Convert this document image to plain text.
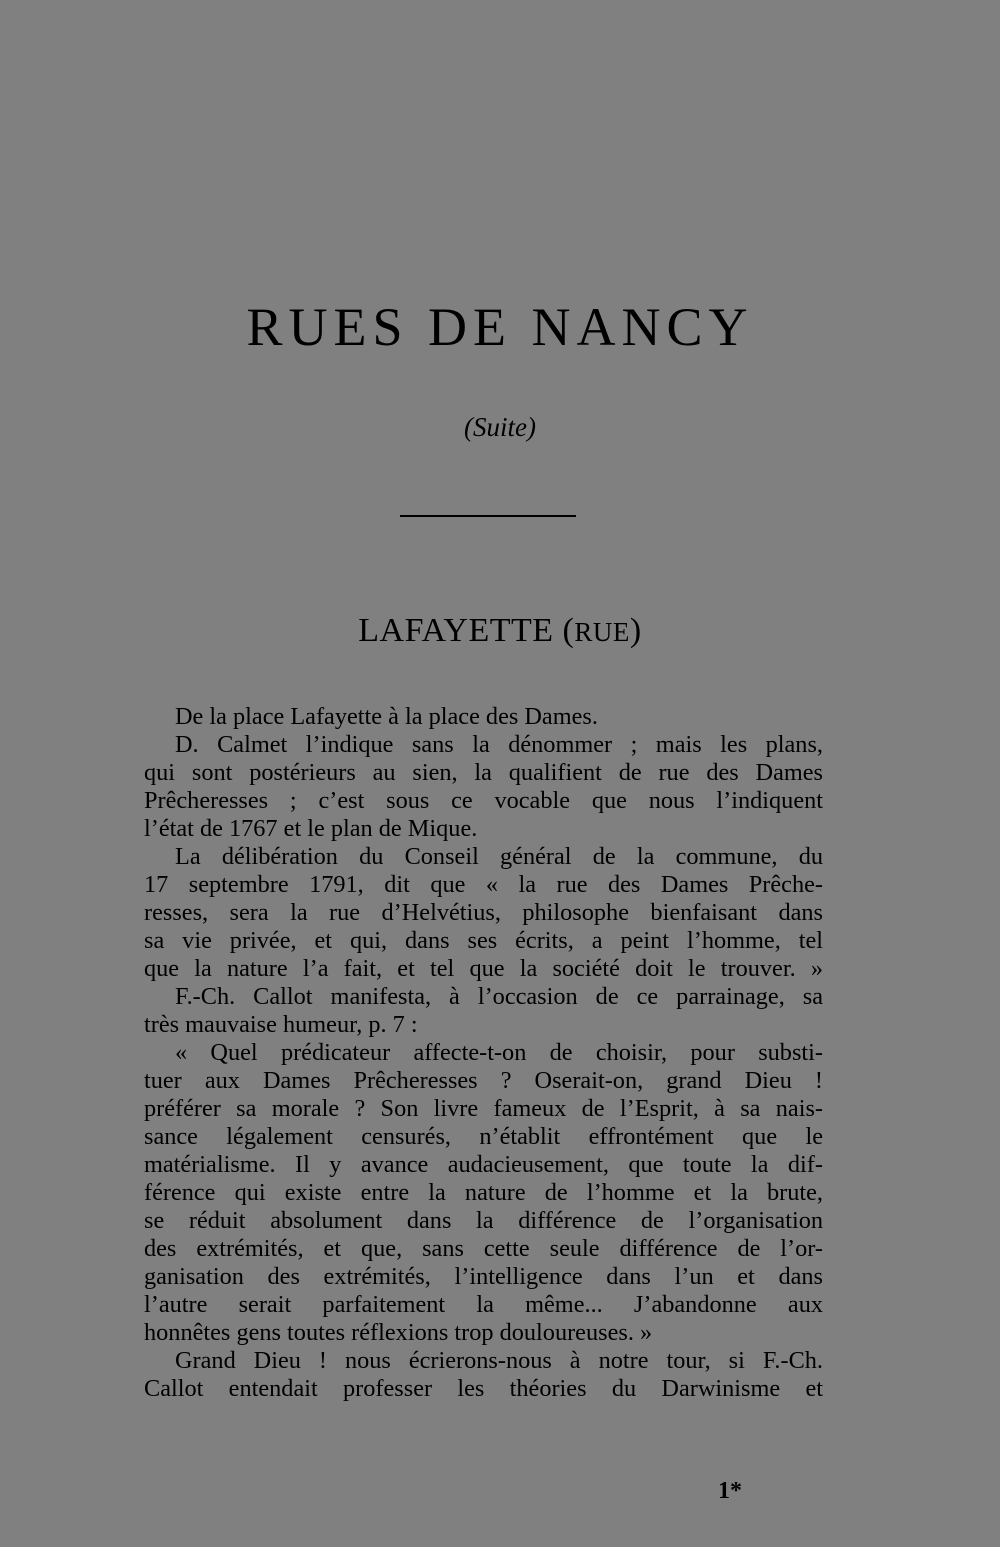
RUES DE NANCY
(Suite)
LAFAYETTE (RUE)
De la place Lafayette à la place des Dames.
D. Calmet l’indique sans la dénommer ; mais les plans,
qui sont postérieurs au sien, la qualifient de rue des Dames
Prêcheresses ; c’est sous ce vocable que nous l’indiquent
l’état de 1767 et le plan de Mique.
La délibération du Conseil général de la commune, du
17 septembre 1791, dit que « la rue des Dames Prêche-
resses, sera la rue d’Helvétius, philosophe bienfaisant dans
sa vie privée, et qui, dans ses écrits, a peint l’homme, tel
que la nature l’a fait, et tel que la société doit le trouver. »
F.-Ch. Callot manifesta, à l’occasion de ce parrainage, sa
très mauvaise humeur, p. 7 :
« Quel prédicateur affecte-t-on de choisir, pour substi-
tuer aux Dames Prêcheresses ? Oserait-on, grand Dieu !
préférer sa morale ? Son livre fameux de l’Esprit, à sa nais-
sance légalement censurés, n’établit effrontément que le
matérialisme. Il y avance audacieusement, que toute la dif-
férence qui existe entre la nature de l’homme et la brute,
se réduit absolument dans la différence de l’organisation
des extrémités, et que, sans cette seule différence de l’or-
ganisation des extrémités, l’intelligence dans l’un et dans
l’autre serait parfaitement la même... J’abandonne aux
honnêtes gens toutes réflexions trop douloureuses. »
Grand Dieu ! nous écrierons-nous à notre tour, si F.-Ch.
Callot entendait professer les théories du Darwinisme et
1*
